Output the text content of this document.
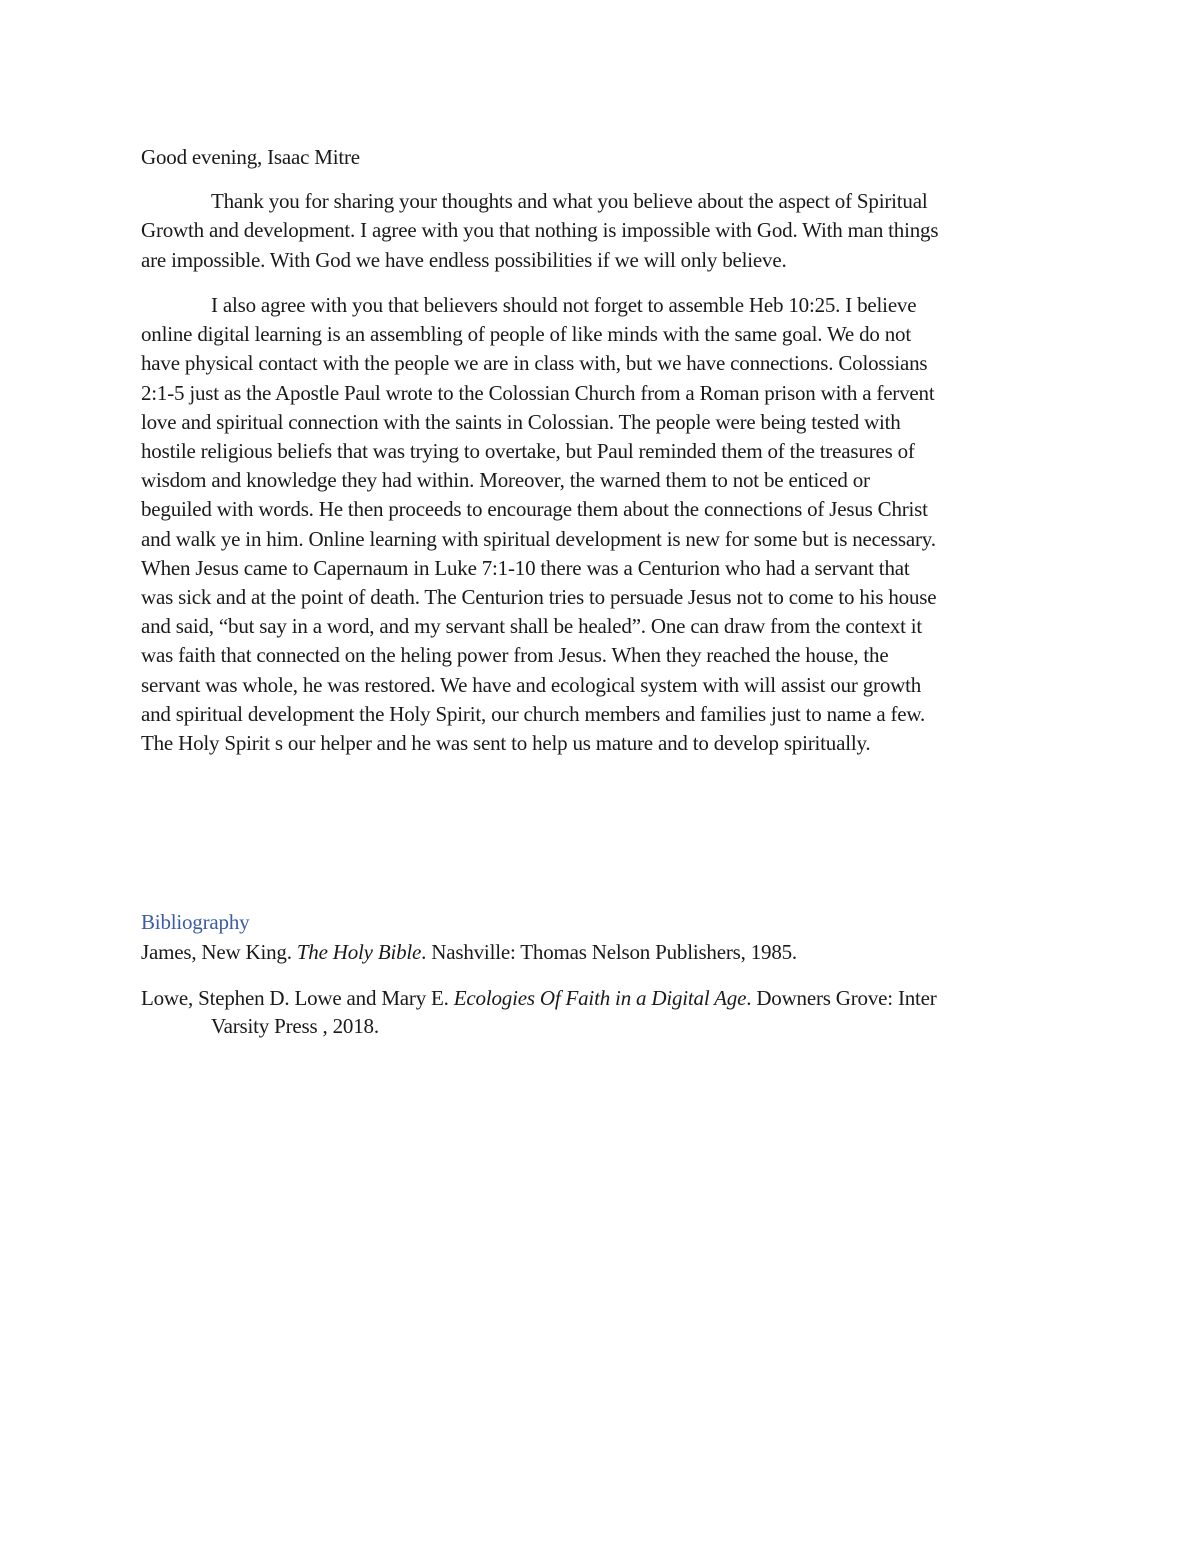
Good evening, Isaac Mitre
Thank you for sharing your thoughts and what you believe about the aspect of Spiritual
Growth and development. I agree with you that nothing is impossible with God. With man things
are impossible. With God we have endless possibilities if we will only believe.
I also agree with you that believers should not forget to assemble Heb 10:25. I believe
online digital learning is an assembling of people of like minds with the same goal. We do not
have physical contact with the people we are in class with, but we have connections. Colossians
2:1-5 just as the Apostle Paul wrote to the Colossian Church from a Roman prison with a fervent
love and spiritual connection with the saints in Colossian. The people were being tested with
hostile religious beliefs that was trying to overtake, but Paul reminded them of the treasures of
wisdom and knowledge they had within. Moreover, the warned them to not be enticed or
beguiled with words. He then proceeds to encourage them about the connections of Jesus Christ
and walk ye in him. Online learning with spiritual development is new for some but is necessary.
When Jesus came to Capernaum in Luke 7:1-10 there was a Centurion who had a servant that
was sick and at the point of death. The Centurion tries to persuade Jesus not to come to his house
and said, “but say in a word, and my servant shall be healed”. One can draw from the context it
was faith that connected on the heling power from Jesus. When they reached the house, the
servant was whole, he was restored. We have and ecological system with will assist our growth
and spiritual development the Holy Spirit, our church members and families just to name a few.
The Holy Spirit s our helper and he was sent to help us mature and to develop spiritually.
Bibliography
James, New King. The Holy Bible. Nashville: Thomas Nelson Publishers, 1985.
Lowe, Stephen D. Lowe and Mary E. Ecologies Of Faith in a Digital Age. Downers Grove: Inter
Varsity Press , 2018.
